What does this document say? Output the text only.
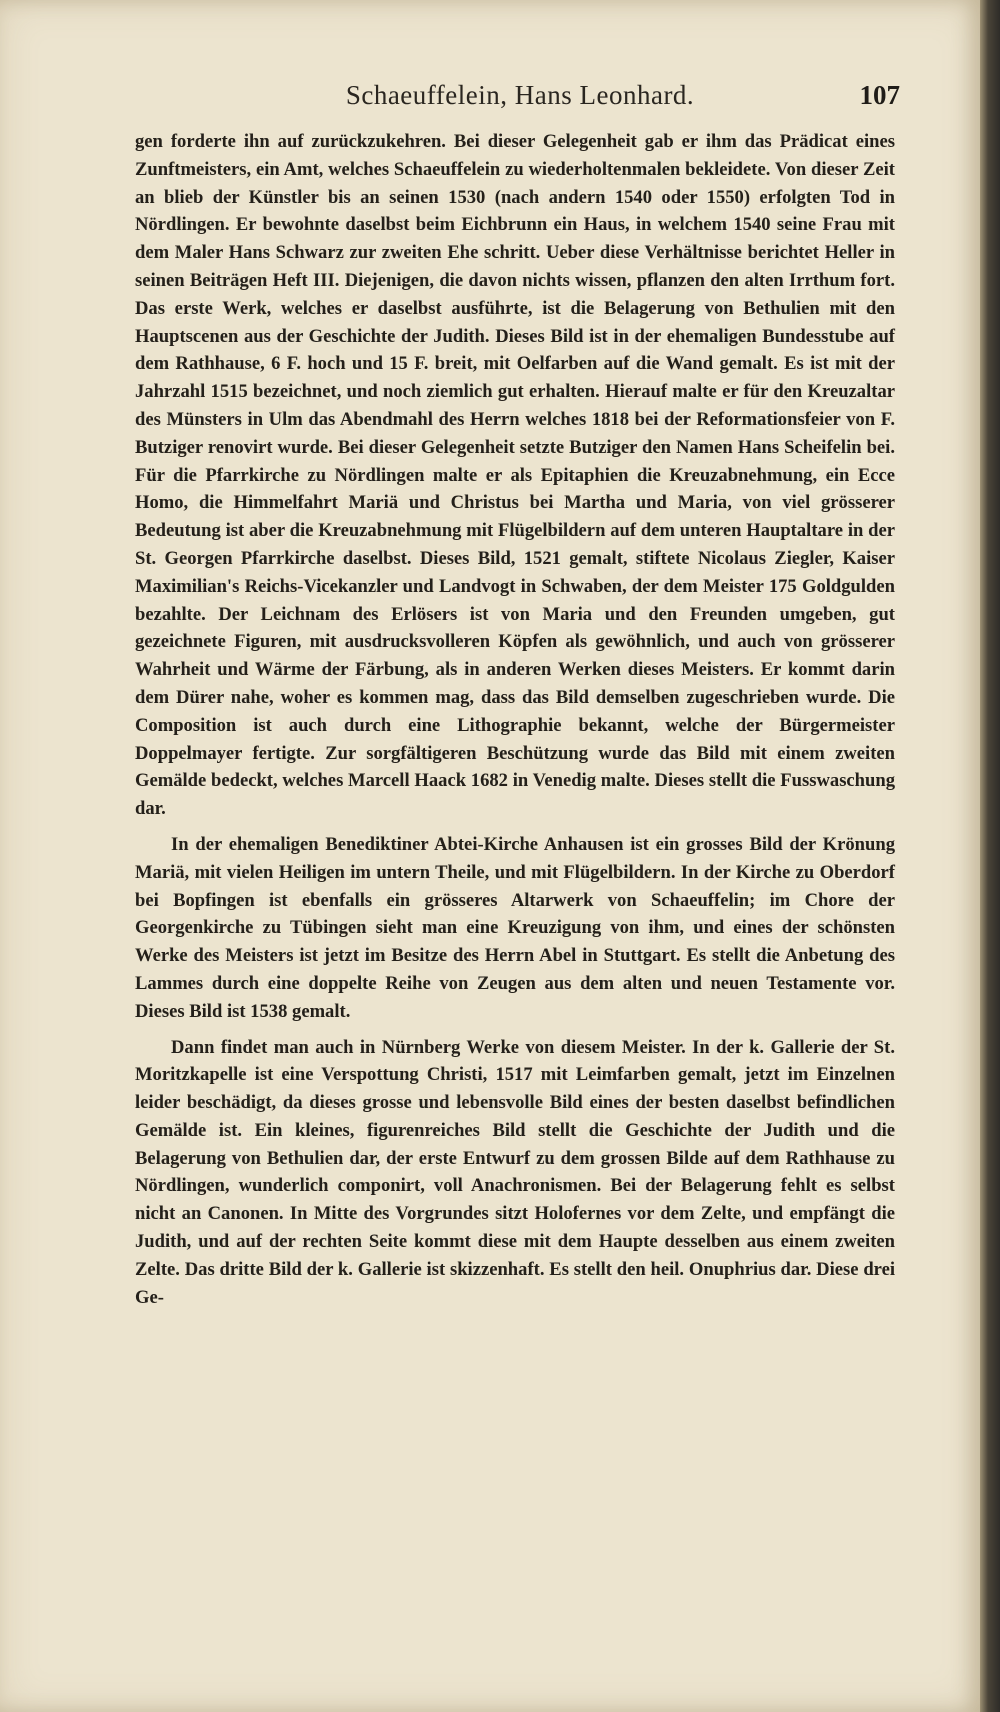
Schaeuffelein, Hans Leonhard.	107

gen forderte ihn auf zurückzukehren. Bei dieser Gelegenheit gab er ihm das Prädicat eines Zunftmeisters, ein Amt, welches Schaeuffelein zu wiederholtenmalen bekleidete. Von dieser Zeit an blieb der Künstler bis an seinen 1530 (nach andern 1540 oder 1550) erfolgten Tod in Nördlingen. Er bewohnte daselbst beim Eichbrunn ein Haus, in welchem 1540 seine Frau mit dem Maler Hans Schwarz zur zweiten Ehe schritt. Ueber diese Verhältnisse berichtet Heller in seinen Beiträgen Heft III. Diejenigen, die davon nichts wissen, pflanzen den alten Irrthum fort. Das erste Werk, welches er daselbst ausführte, ist die Belagerung von Bethulien mit den Hauptscenen aus der Geschichte der Judith. Dieses Bild ist in der ehemaligen Bundesstube auf dem Rathhause, 6 F. hoch und 15 F. breit, mit Oelfarben auf die Wand gemalt. Es ist mit der Jahrzahl 1515 bezeichnet, und noch ziemlich gut erhalten. Hierauf malte er für den Kreuzaltar des Münsters in Ulm das Abendmahl des Herrn welches 1818 bei der Reformationsfeier von F. Butziger renovirt wurde. Bei dieser Gelegenheit setzte Butziger den Namen Hans Scheifelin bei. Für die Pfarrkirche zu Nördlingen malte er als Epitaphien die Kreuzabnehmung, ein Ecce Homo, die Himmelfahrt Mariä und Christus bei Martha und Maria, von viel grösserer Bedeutung ist aber die Kreuzabnehmung mit Flügelbildern auf dem unteren Hauptaltare in der St. Georgen Pfarrkirche daselbst. Dieses Bild, 1521 gemalt, stiftete Nicolaus Ziegler, Kaiser Maximilian's Reichs-Vicekanzler und Landvogt in Schwaben, der dem Meister 175 Goldgulden bezahlte. Der Leichnam des Erlösers ist von Maria und den Freunden umgeben, gut gezeichnete Figuren, mit ausdrucksvolleren Köpfen als gewöhnlich, und auch von grösserer Wahrheit und Wärme der Färbung, als in anderen Werken dieses Meisters. Er kommt darin dem Dürer nahe, woher es kommen mag, dass das Bild demselben zugeschrieben wurde. Die Composition ist auch durch eine Lithographie bekannt, welche der Bürgermeister Doppelmayer fertigte. Zur sorgfältigeren Beschützung wurde das Bild mit einem zweiten Gemälde bedeckt, welches Marcell Haack 1682 in Venedig malte. Dieses stellt die Fusswaschung dar.

In der ehemaligen Benediktiner Abtei-Kirche Anhausen ist ein grosses Bild der Krönung Mariä, mit vielen Heiligen im untern Theile, und mit Flügelbildern. In der Kirche zu Oberdorf bei Bopfingen ist ebenfalls ein grösseres Altarwerk von Schaeuffelin; im Chore der Georgenkirche zu Tübingen sieht man eine Kreuzigung von ihm, und eines der schönsten Werke des Meisters ist jetzt im Besitze des Herrn Abel in Stuttgart. Es stellt die Anbetung des Lammes durch eine doppelte Reihe von Zeugen aus dem alten und neuen Testamente vor. Dieses Bild ist 1538 gemalt.

Dann findet man auch in Nürnberg Werke von diesem Meister. In der k. Gallerie der St. Moritzkapelle ist eine Verspottung Christi, 1517 mit Leimfarben gemalt, jetzt im Einzelnen leider beschädigt, da dieses grosse und lebensvolle Bild eines der besten daselbst befindlichen Gemälde ist. Ein kleines, figurenreiches Bild stellt die Geschichte der Judith und die Belagerung von Bethulien dar, der erste Entwurf zu dem grossen Bilde auf dem Rathhause zu Nördlingen, wunderlich componirt, voll Anachronismen. Bei der Belagerung fehlt es selbst nicht an Canonen. In Mitte des Vorgrundes sitzt Holofernes vor dem Zelte, und empfängt die Judith, und auf der rechten Seite kommt diese mit dem Haupte desselben aus einem zweiten Zelte. Das dritte Bild der k. Gallerie ist skizzenhaft. Es stellt den heil. Onuphrius dar. Diese drei Ge-
